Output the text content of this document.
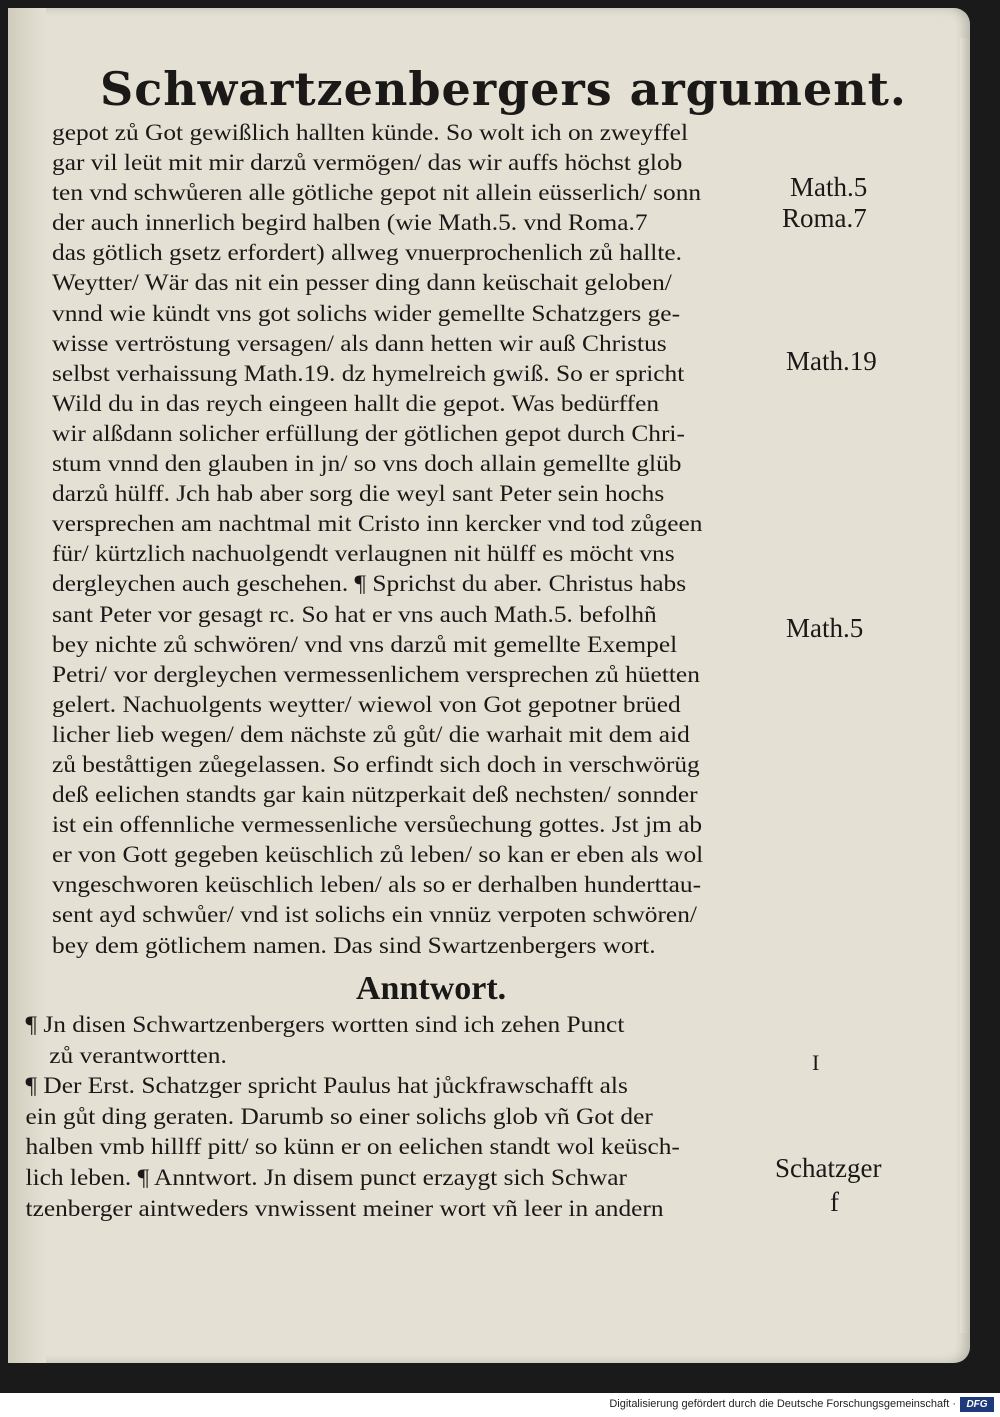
Schwartzenbergers argument.
gepot zů Got gewißlich hallten künde. So wolt ich on zweyffel
gar vil leüt mit mir darzů vermögen/ das wir auffs höchst glob
ten vnd schwůeren alle götliche gepot nit allein eüsserlich/ sonn
der auch innerlich begird halben (wie Math.5. vnd Roma.7
das götlich gsetz erfordert) allweg vnuerprochenlich zů hallte.
Weytter/ Wär das nit ein pesser ding dann keüschait geloben/
vnnd wie kündt vns got solichs wider gemellte Schatzgers ge-
wisse vertröstung versagen/ als dann hetten wir auß Christus
selbst verhaissung Math.19. dz hymelreich gwiß. So er spricht
Wild du in das reych eingeen hallt die gepot. Was bedürffen
wir alßdann solicher erfüllung der götlichen gepot durch Chri-
stum vnnd den glauben in jn/ so vns doch allain gemellte glüb
darzů hülff. Jch hab aber sorg die weyl sant Peter sein hochs
versprechen am nachtmal mit Cristo inn kercker vnd tod zůgeen
für/ kürtzlich nachuolgendt verlaugnen nit hülff es möcht vns
dergleychen auch geschehen. ¶ Sprichst du aber. Christus habs
sant Peter vor gesagt rc. So hat er vns auch Math.5. befolhñ
bey nichte zů schwören/ vnd vns darzů mit gemellte Exempel
Petri/ vor dergleychen vermessenlichem versprechen zů hüetten
gelert. Nachuolgents weytter/ wiewol von Got gepotner brüed
licher lieb wegen/ dem nächste zů gůt/ die warhait mit dem aid
zů beståttigen zůegelassen. So erfindt sich doch in verschwörüg
deß eelichen standts gar kain nützperkait deß nechsten/ sonnder
ist ein offennliche vermessenliche versůechung gottes. Jst jm ab
er von Gott gegeben keüschlich zů leben/ so kan er eben als wol
vngeschworen keüschlich leben/ als so er derhalben hunderttau-
sent ayd schwůer/ vnd ist solichs ein vnnüz verpoten schwören/
bey dem götlichem namen. Das sind Swartzenbergers wort.
Anntwort.
¶ Jn disen Schwartzenbergers wortten sind ich zehen Punct
zů verantwortten.
¶ Der Erst. Schatzger spricht Paulus hat jůckfrawschafft als
ein gůt ding geraten. Darumb so einer solichs glob vñ Got der
halben vmb hillff pitt/ so künn er on eelichen standt wol keüsch-
lich leben. ¶ Anntwort. Jn disem punct erzaygt sich Schwar
tzenberger aintweders vnwissent meiner wort vñ leer in andern
Math.5
Roma.7
Math.19
Math.5
I
Schatzger
f
Digitalisierung gefördert durch die Deutsche Forschungsgemeinschaft ·	DFG
